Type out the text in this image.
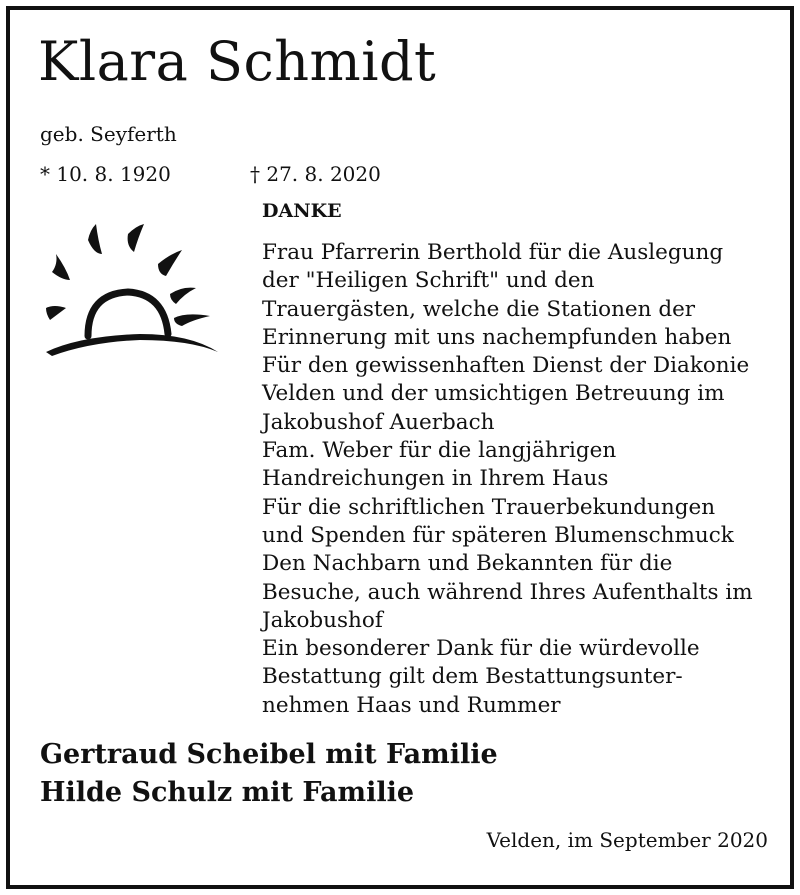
Klara Schmidt
geb. Seyferth
* 10. 8. 1920	† 27. 8. 2020
DANKE
Frau Pfarrerin Berthold für die Auslegung
der "Heiligen Schrift" und den
Trauergästen, welche die Stationen der
Erinnerung mit uns nachempfunden haben
Für den gewissenhaften Dienst der Diakonie
Velden und der umsichtigen Betreuung im
Jakobushof Auerbach
Fam. Weber für die langjährigen
Handreichungen in Ihrem Haus
Für die schriftlichen Trauerbekundungen
und Spenden für späteren Blumenschmuck
Den Nachbarn und Bekannten für die
Besuche, auch während Ihres Aufenthalts im
Jakobushof
Ein besonderer Dank für die würdevolle
Bestattung gilt dem Bestattungsunter-
nehmen Haas und Rummer
Gertraud Scheibel mit Familie
Hilde Schulz mit Familie
Velden, im September 2020
